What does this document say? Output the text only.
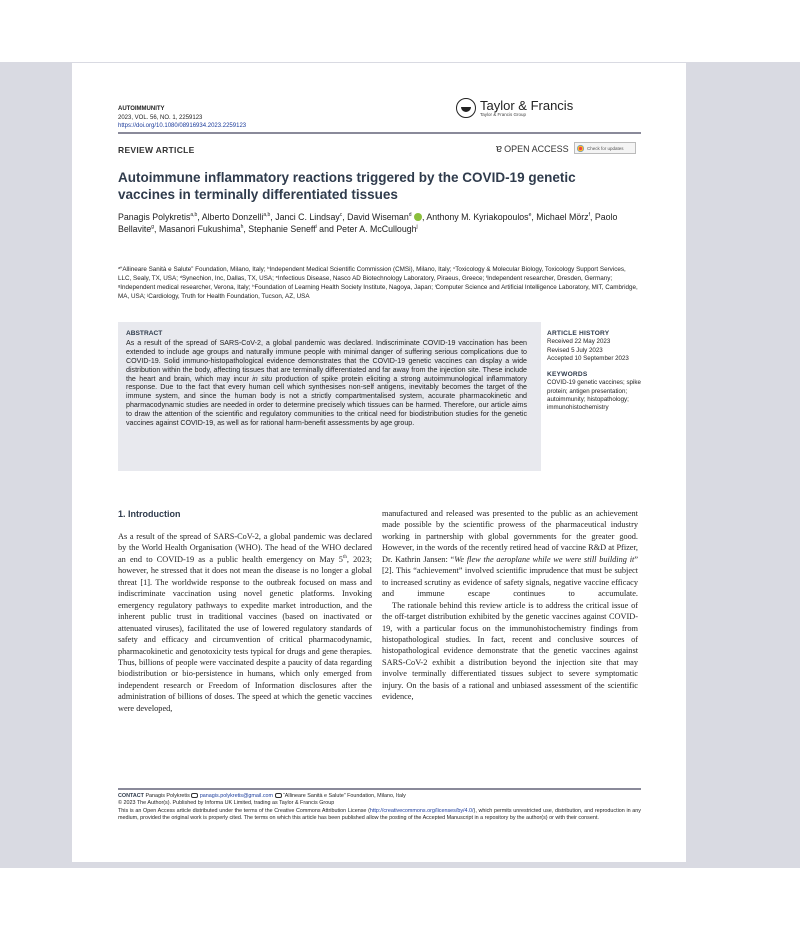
AUTOIMMUNITY
2023, VOL. 56, NO. 1, 2259123
https://doi.org/10.1080/08916934.2023.2259123
Taylor & Francis
Taylor & Francis Group
REVIEW ARTICLE	ɐ OPEN ACCESS	Check for updates
Autoimmune inflammatory reactions triggered by the COVID-19 genetic vaccines in terminally differentiated tissues
Panagis Polykretis$^{a,b}$, Alberto Donzelli$^{a,b}$, Janci C. Lindsay$^c$, David Wiseman$^d$ , Anthony M. Kyriakopoulos$^e$, Michael Mörz$^f$, Paolo Bellavite$^g$, Masanori Fukushima$^h$, Stephanie Seneff$^i$ and Peter A. McCullough$^j$
$^a$“Allineare Sanità e Salute” Foundation, Milano, Italy; $^b$Independent Medical Scientific Commission (CMSi), Milano, Italy; $^c$Toxicology & Molecular Biology, Toxicology Support Services, LLC, Sealy, TX, USA; $^d$Synechion, Inc, Dallas, TX, USA; $^e$Infectious Disease, Nasco AD Biotechnology Laboratory, Piraeus, Greece; $^f$Independent researcher, Dresden, Germany; $^g$Independent medical researcher, Verona, Italy; $^h$Foundation of Learning Health Society Institute, Nagoya, Japan; $^i$Computer Science and Artificial Intelligence Laboratory, MIT, Cambridge, MA, USA; $^j$Cardiology, Truth for Health Foundation, Tucson, AZ, USA
ABSTRACT
As a result of the spread of SARS-CoV-2, a global pandemic was declared. Indiscriminate COVID-19 vaccination has been extended to include age groups and naturally immune people with minimal danger of suffering serious complications due to COVID-19. Solid immuno-histopathological evidence demonstrates that the COVID-19 genetic vaccines can display a wide distribution within the body, affecting tissues that are terminally differentiated and far away from the injection site. These include the heart and brain, which may incur in situ production of spike protein eliciting a strong autoimmunological inflammatory response. Due to the fact that every human cell which synthesises non-self antigens, inevitably becomes the target of the immune system, and since the human body is not a strictly compartmentalised system, accurate pharmacokinetic and pharmacodynamic studies are needed in order to determine precisely which tissues can be harmed. Therefore, our article aims to draw the attention of the scientific and regulatory communities to the critical need for biodistribution studies for the genetic vaccines against COVID-19, as well as for rational harm-benefit assessments by age group.
ARTICLE HISTORY
Received 22 May 2023
Revised 5 July 2023
Accepted 10 September 2023
KEYWORDS
COVID-19 genetic vaccines; spike protein; antigen presentation; autoimmunity; histopathology; immunohistochemistry
1. Introduction

As a result of the spread of SARS-CoV-2, a global pandemic was declared by the World Health Organisation (WHO). The head of the WHO declared an end to COVID-19 as a public health emergency on May 5th, 2023; however, he stressed that it does not mean the disease is no longer a global threat [1]. The worldwide response to the outbreak focused on mass and indiscriminate vaccination using novel genetic platforms. Invoking emergency regulatory pathways to expedite market introduction, and the inherent public trust in traditional vaccines (based on inactivated or attenuated viruses), facilitated the use of lowered regulatory standards of safety and efficacy and circumvention of critical pharmacodynamic, pharmacokinetic and genotoxicity tests typical for drugs and gene therapies. Thus, billions of people were vaccinated despite a paucity of data regarding biodistribution or bio-persistence in humans, which only emerged from independent research or Freedom of Information disclosures after the administration of billions of doses. The speed at which the genetic vaccines were developed,

manufactured and released was presented to the public as an achievement made possible by the scientific prowess of the pharmaceutical industry working in partnership with global governments for the greater good. However, in the words of the recently retired head of vaccine R&D at Pfizer, Dr. Kathrin Jansen: “We flew the aeroplane while we were still building it” [2]. This “achievement” involved scientific imprudence that must be subject to increased scrutiny as evidence of safety signals, negative vaccine efficacy and immune escape continues to accumulate.

The rationale behind this review article is to address the critical issue of the off-target distribution exhibited by the genetic vaccines against COVID-19, with a particular focus on the immunohistochemistry findings from histopathological studies. In fact, recent and conclusive sources of histopathological evidence demonstrate that the genetic vaccines against SARS-CoV-2 exhibit a distribution beyond the injection site that may involve terminally differentiated tissues subject to severe symptomatic injury. On the basis of a rational and unbiased assessment of the scientific evidence,

CONTACT Panagis Polykretis panagis.polykretis@gmail.com “Allineare Sanità e Salute” Foundation, Milano, Italy
© 2023 The Author(s). Published by Informa UK Limited, trading as Taylor & Francis Group
This is an Open Access article distributed under the terms of the Creative Commons Attribution License (http://creativecommons.org/licenses/by/4.0/), which permits unrestricted use, distribution, and reproduction in any medium, provided the original work is properly cited. The terms on which this article has been published allow the posting of the Accepted Manuscript in a repository by the author(s) or with their consent.
